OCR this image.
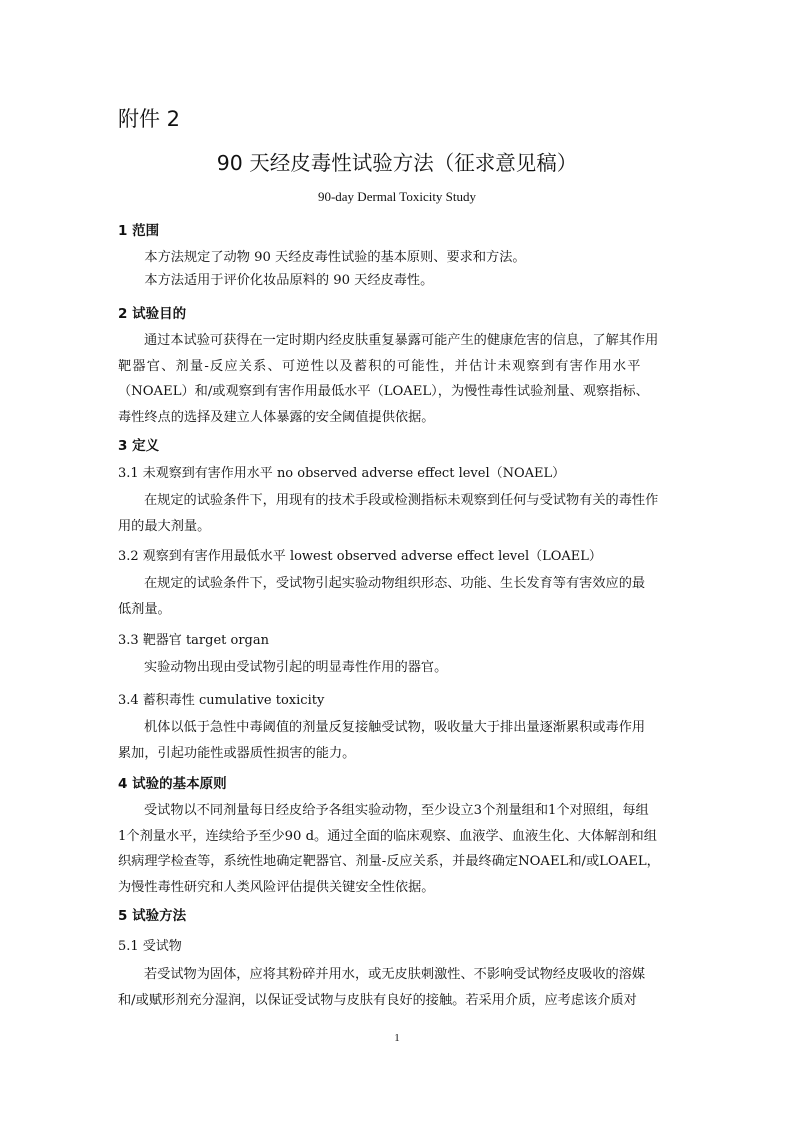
附件 2
90 天经皮毒性试验方法（征求意见稿）
90-day Dermal Toxicity Study
1 范围
本方法规定了动物 90 天经皮毒性试验的基本原则、要求和方法。
本方法适用于评价化妆品原料的 90 天经皮毒性。
2 试验目的
通过本试验可获得在一定时期内经皮肤重复暴露可能产生的健康危害的信息，了解其作用
靶器官、剂量-反应关系、可逆性以及蓄积的可能性，并估计未观察到有害作用水平
（NOAEL）和/或观察到有害作用最低水平（LOAEL），为慢性毒性试验剂量、观察指标、
毒性终点的选择及建立人体暴露的安全阈值提供依据。
3 定义
3.1 未观察到有害作用水平 no observed adverse effect level（NOAEL）
在规定的试验条件下，用现有的技术手段或检测指标未观察到任何与受试物有关的毒性作
用的最大剂量。
3.2 观察到有害作用最低水平 lowest observed adverse effect level（LOAEL）
在规定的试验条件下，受试物引起实验动物组织形态、功能、生长发育等有害效应的最
低剂量。
3.3 靶器官 target organ
实验动物出现由受试物引起的明显毒性作用的器官。
3.4 蓄积毒性 cumulative toxicity
机体以低于急性中毒阈值的剂量反复接触受试物，吸收量大于排出量逐渐累积或毒作用
累加，引起功能性或器质性损害的能力。
4 试验的基本原则
受试物以不同剂量每日经皮给予各组实验动物，至少设立3个剂量组和1个对照组，每组
1个剂量水平，连续给予至少90 d。通过全面的临床观察、血液学、血液生化、大体解剖和组
织病理学检查等，系统性地确定靶器官、剂量-反应关系，并最终确定NOAEL和/或LOAEL，
为慢性毒性研究和人类风险评估提供关键安全性依据。
5 试验方法
5.1 受试物
若受试物为固体，应将其粉碎并用水，或无皮肤刺激性、不影响受试物经皮吸收的溶媒
和/或赋形剂充分湿润，以保证受试物与皮肤有良好的接触。若采用介质，应考虑该介质对
1
